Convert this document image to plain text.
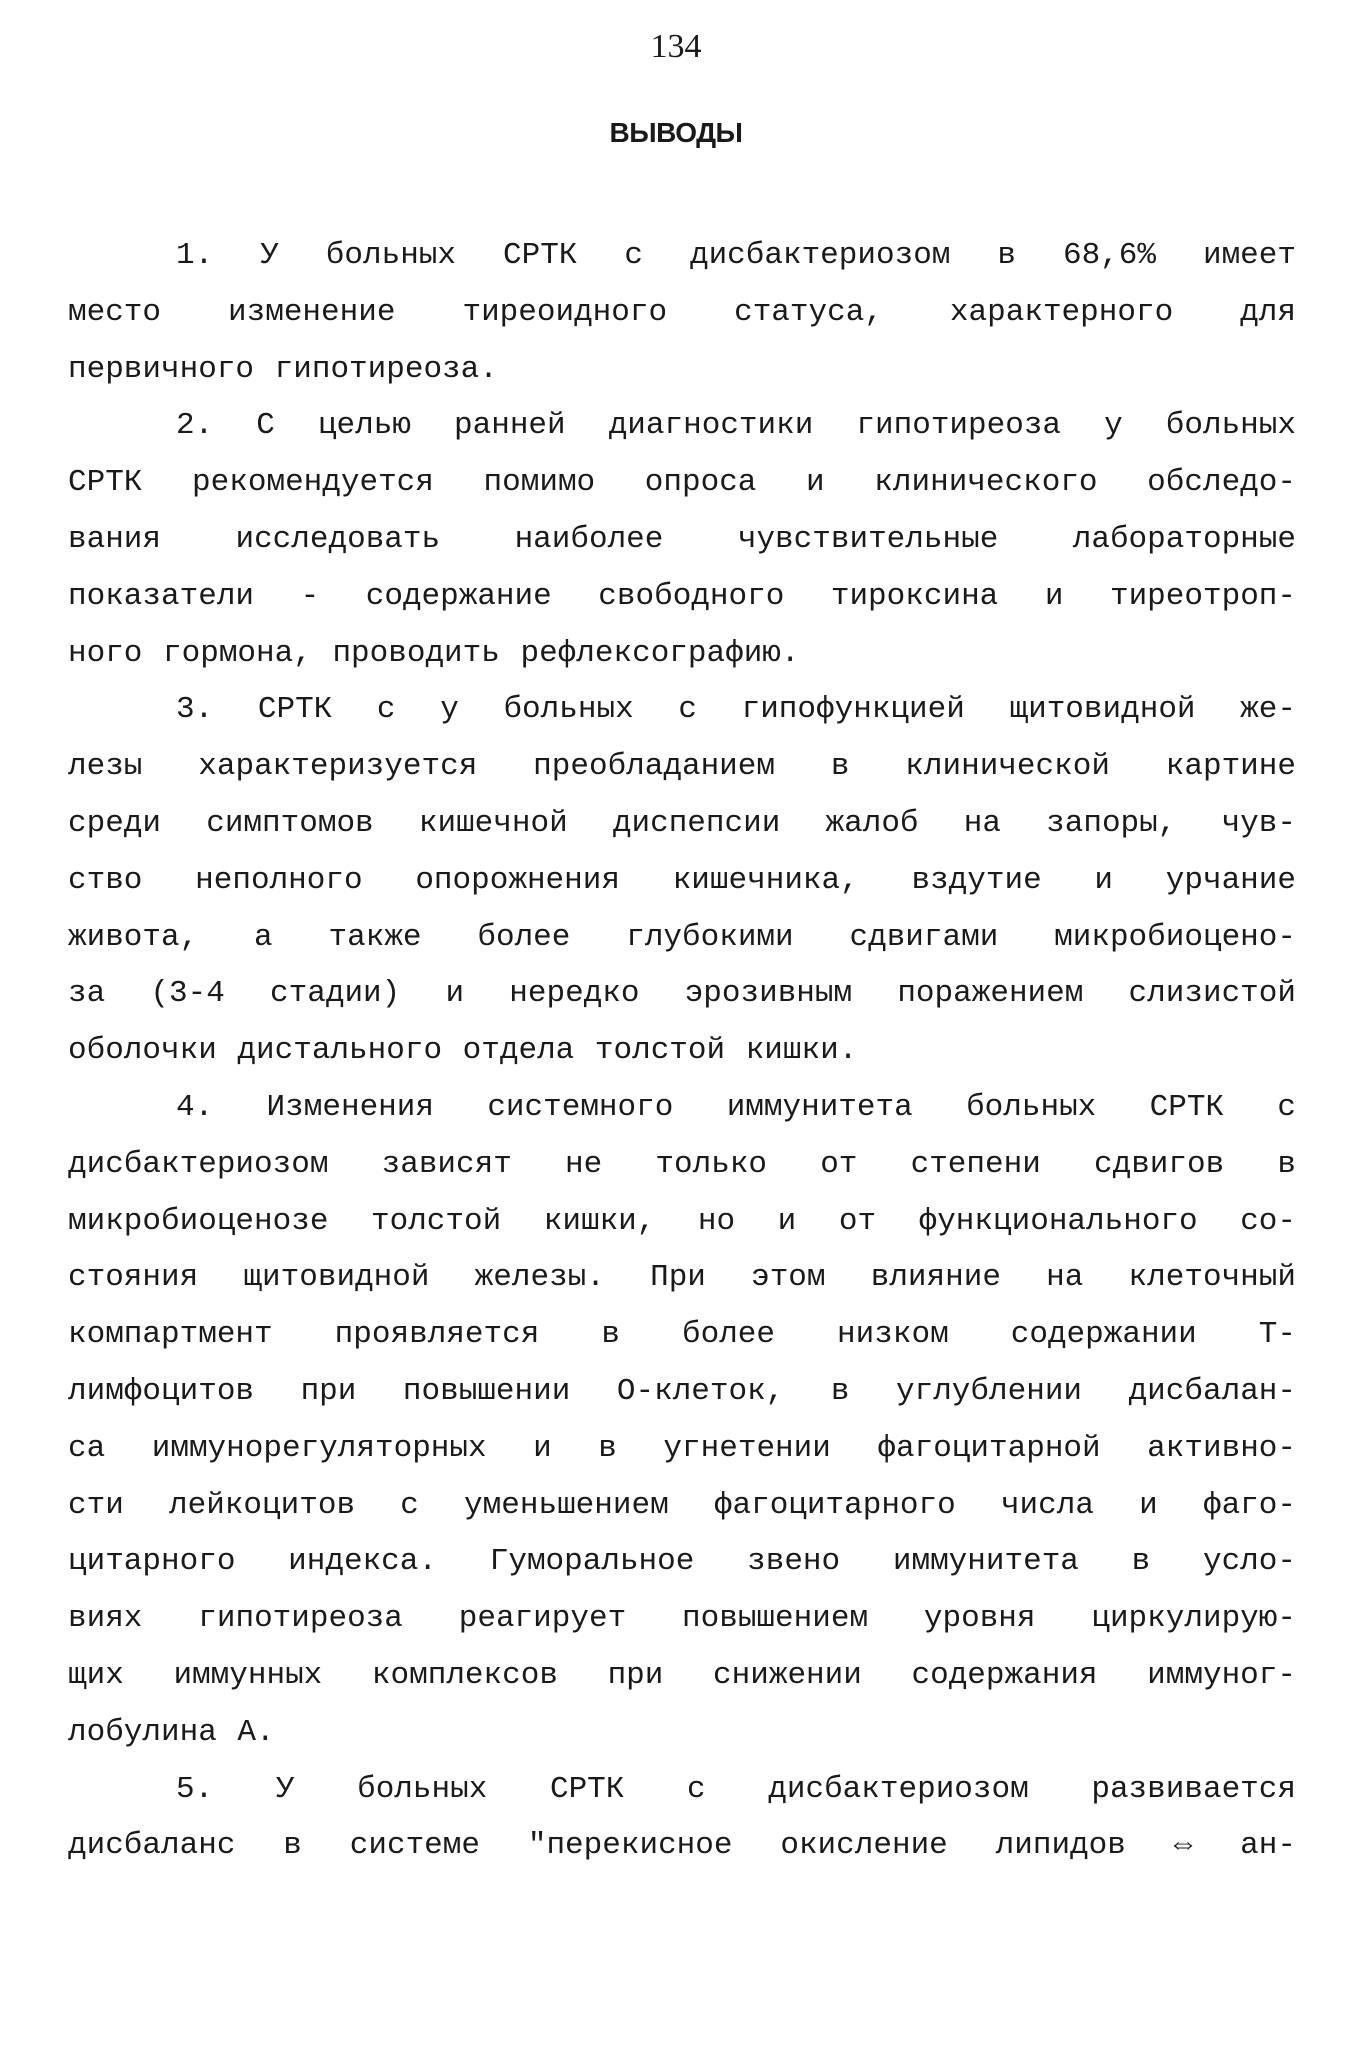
134

ВЫВОДЫ

1. У больных СРТК с дисбактериозом в 68,6% имеет
место изменение тиреоидного статуса, характерного для
первичного гипотиреоза.

2. С целью ранней диагностики гипотиреоза у больных
СРТК рекомендуется помимо опроса и клинического обследо-
вания исследовать наиболее чувствительные лабораторные
показатели - содержание свободного тироксина и тиреотроп-
ного гормона, проводить рефлексографию.

3. СРТК с у больных с гипофункцией щитовидной же-
лезы характеризуется преобладанием в клинической картине
среди симптомов кишечной диспепсии жалоб на запоры, чув-
ство неполного опорожнения кишечника, вздутие и урчание
живота, а также более глубокими сдвигами микробиоцено-
за (3-4 стадии) и нередко эрозивным поражением слизистой
оболочки дистального отдела толстой кишки.

4. Изменения системного иммунитета больных СРТК с
дисбактериозом зависят не только от степени сдвигов в
микробиоценозе толстой кишки, но и от функционального со-
стояния щитовидной железы. При этом влияние на клеточный
компартмент проявляется в более низком содержании Т-
лимфоцитов при повышении О-клеток, в углублении дисбалан-
са иммунорегуляторных и в угнетении фагоцитарной активно-
сти лейкоцитов с уменьшением фагоцитарного числа и фаго-
цитарного индекса. Гуморальное звено иммунитета в усло-
виях гипотиреоза реагирует повышением уровня циркулирую-
щих иммунных комплексов при снижении содержания иммуног-
лобулина А.

5. У больных СРТК с дисбактериозом развивается
дисбаланс в системе "перекисное окисление липидов ⇔ ан-
